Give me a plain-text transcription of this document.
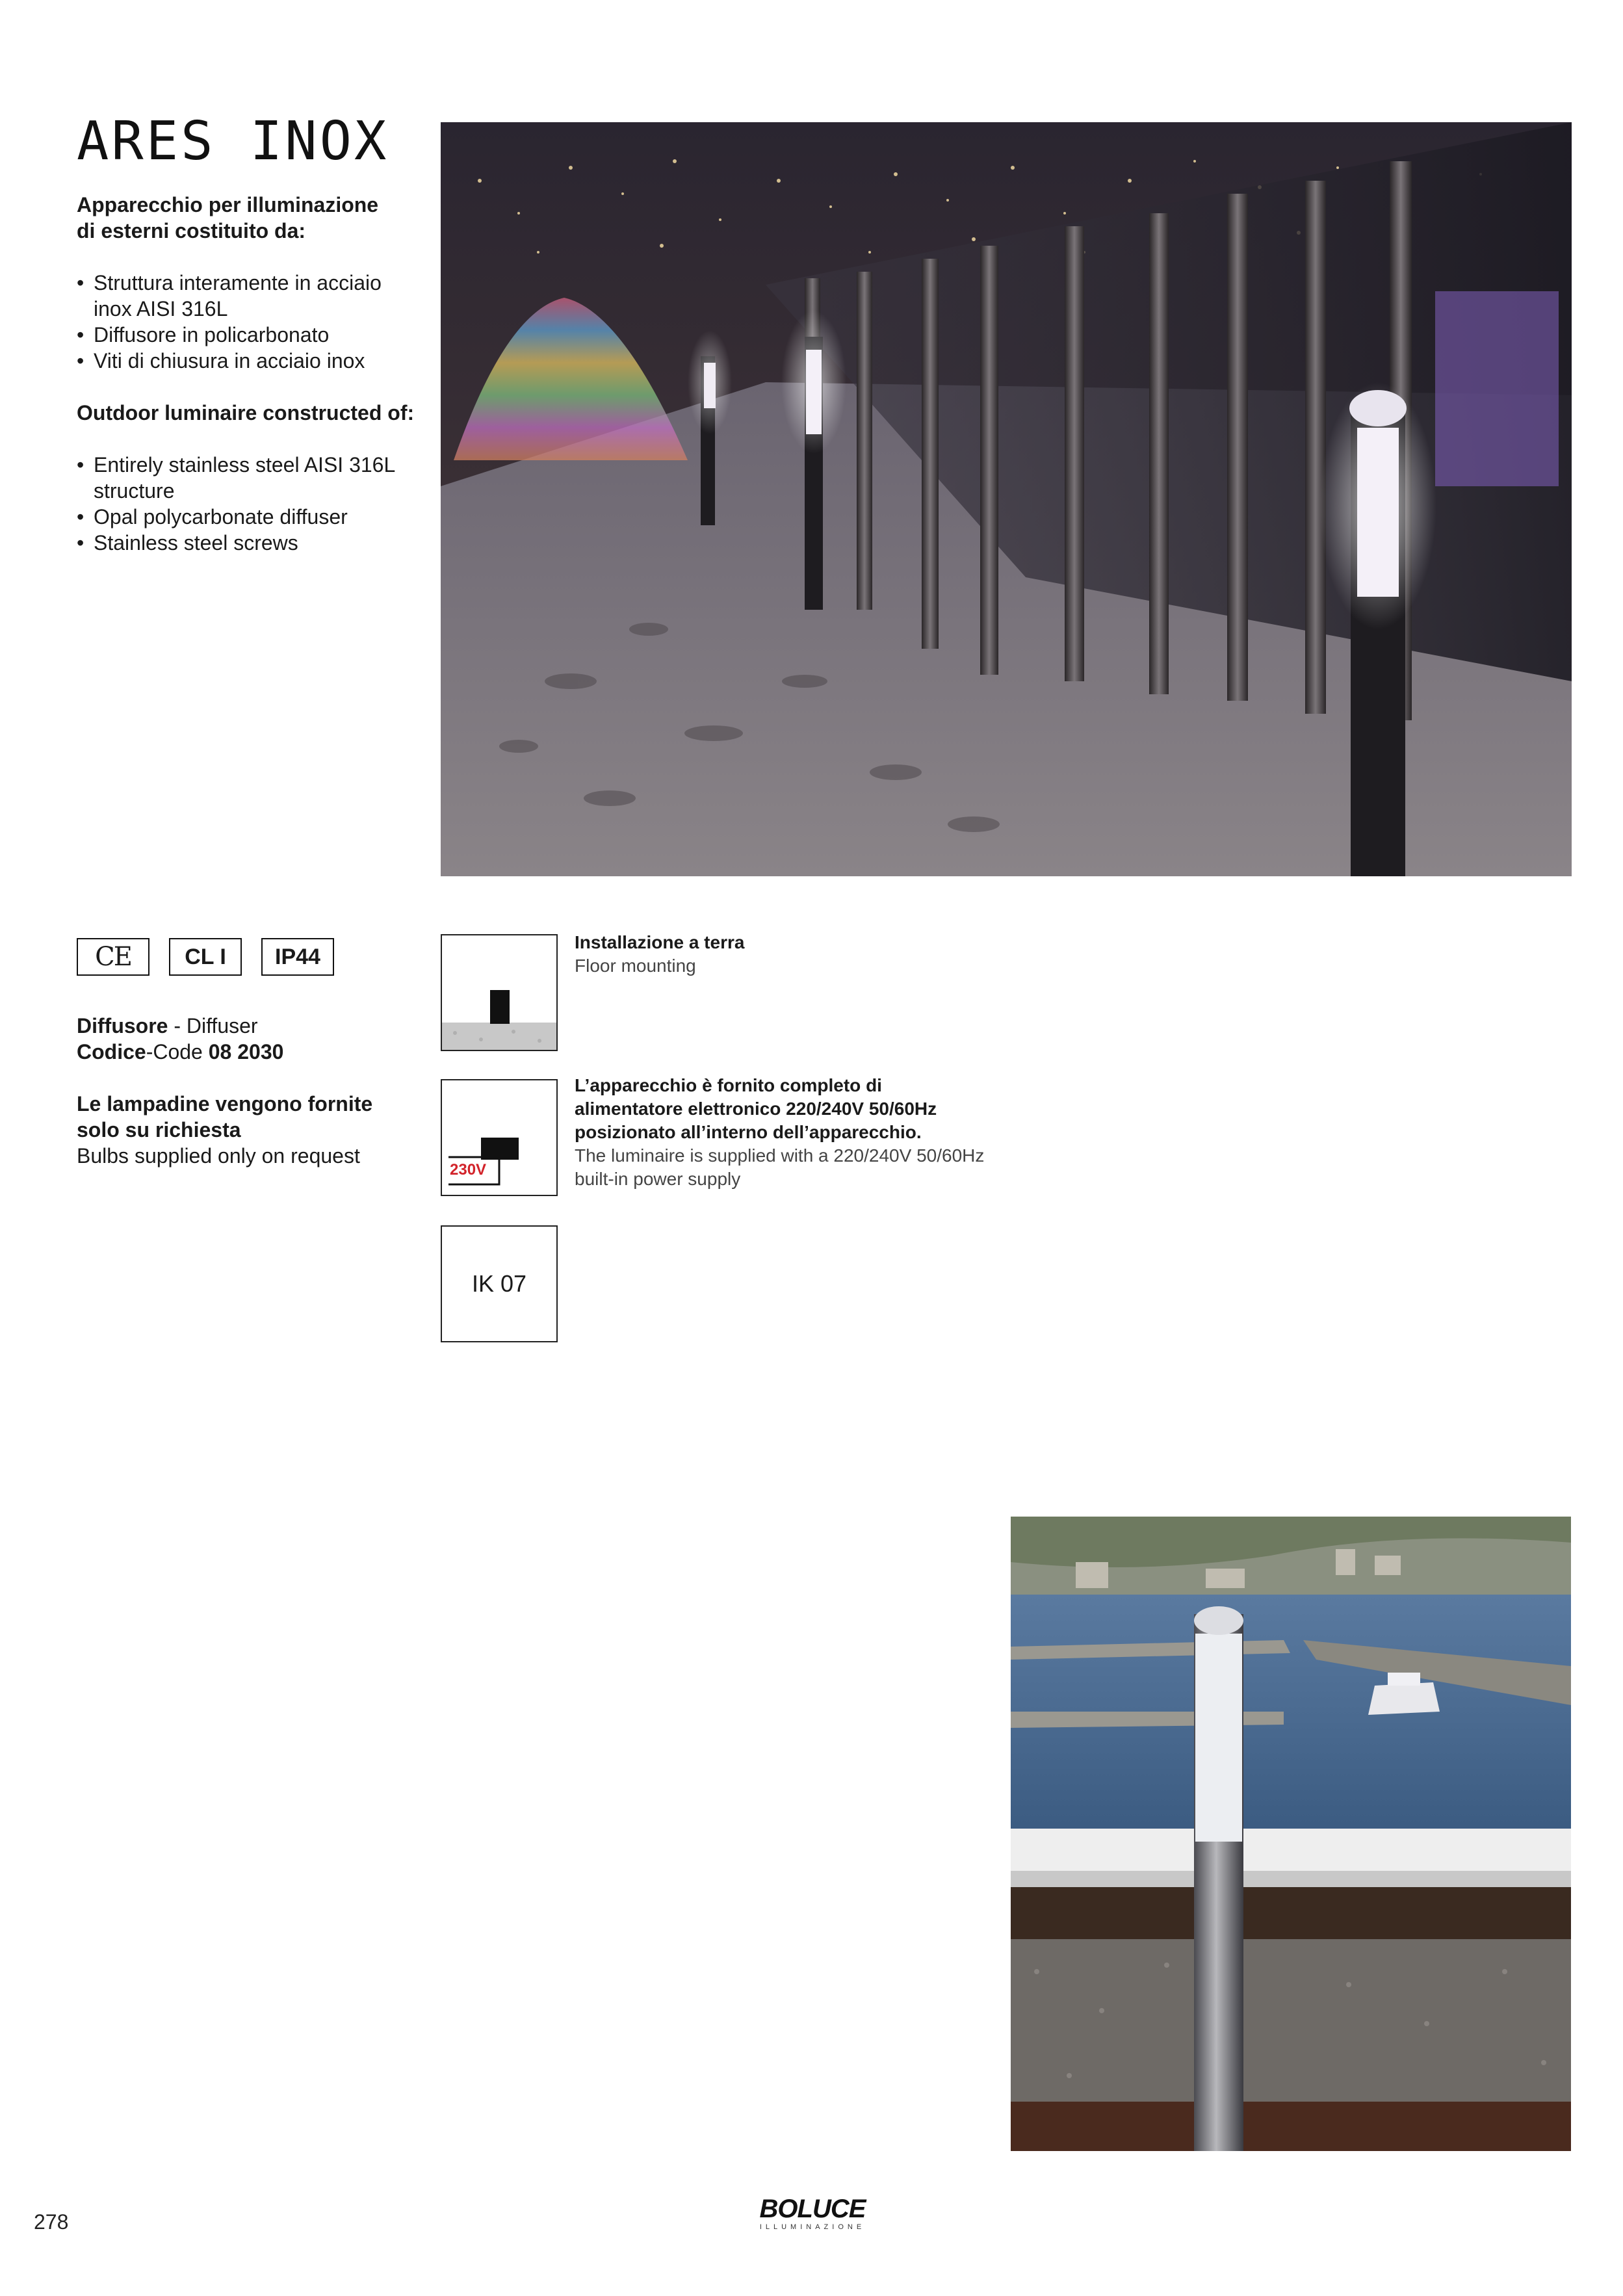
ARES INOX
Apparecchio per illuminazione
di esterni costituito da:
• Struttura interamente in acciaio
inox AISI 316L
• Diffusore in policarbonato
• Viti di chiusura in acciaio inox
Outdoor luminaire constructed of:
• Entirely stainless steel AISI 316L
structure
• Opal polycarbonate diffuser
• Stainless steel screws
CE CL I IP44
Diffusore - Diffuser
Codice-Code 08 2030
Le lampadine vengono fornite
solo su richiesta
Bulbs supplied only on request
Installazione a terra
Floor mounting
230V
L’apparecchio è fornito completo di
alimentatore elettronico 220/240V 50/60Hz
posizionato all’interno dell’apparecchio.
The luminaire is supplied with a 220/240V 50/60Hz
built-in power supply
IK 07
278	BOLUCE
ILLUMINAZIONE
